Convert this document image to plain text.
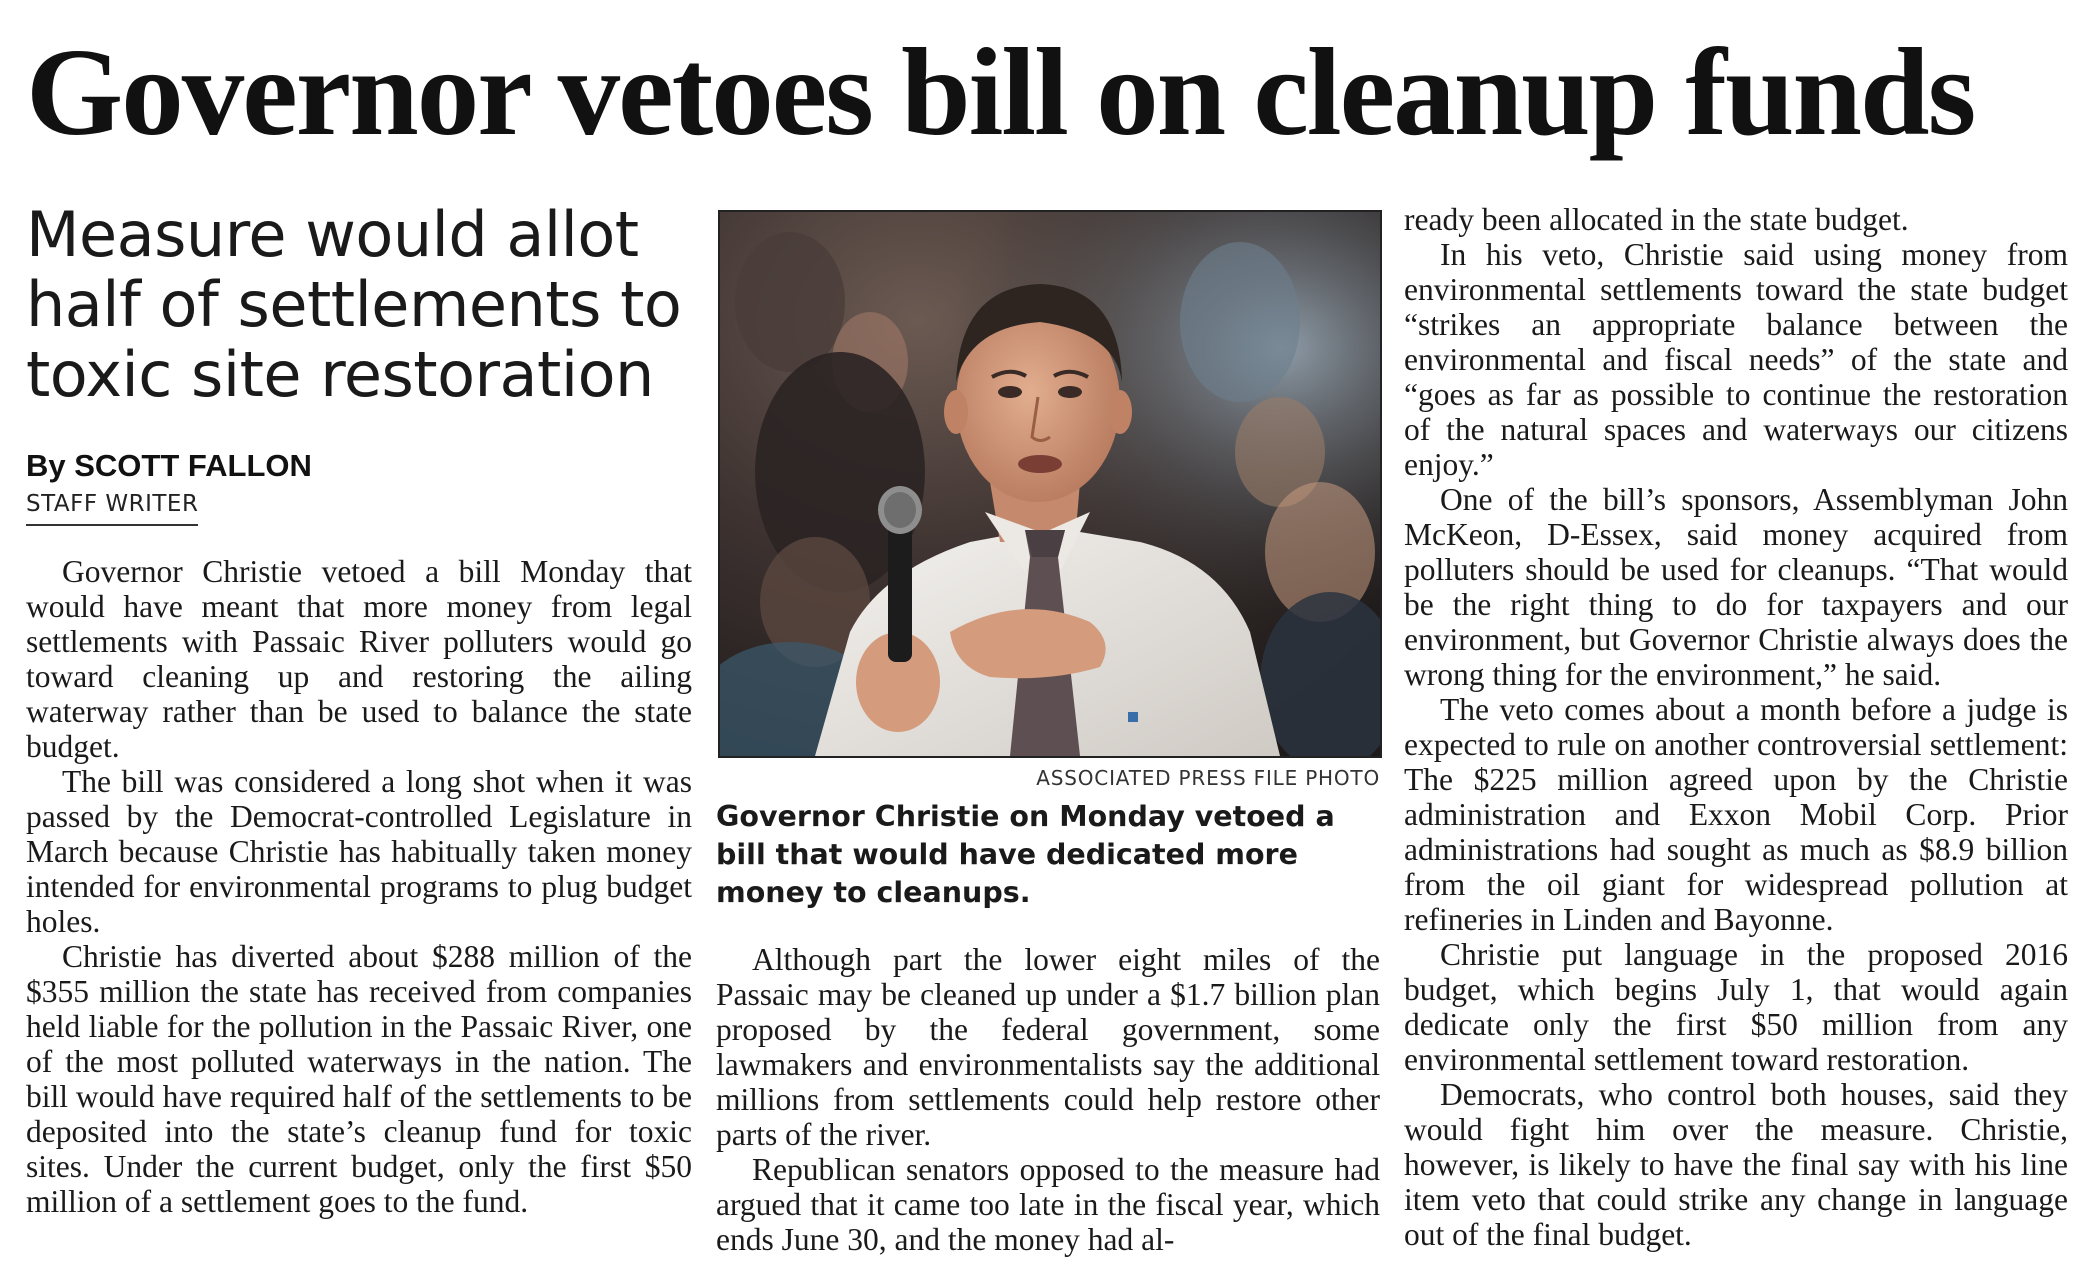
Governor vetoes bill on cleanup funds
Measure would allot half of settlements to toxic site restoration
By SCOTT FALLON
STAFF WRITER

Governor Christie vetoed a bill Monday that would have meant that more money from legal settlements with Passaic River polluters would go toward cleaning up and restoring the ailing waterway rather than be used to balance the state budget.

The bill was considered a long shot when it was passed by the Democrat-controlled Legislature in March because Christie has habitually taken money intended for environmental programs to plug budget holes.

Christie has diverted about $288 million of the $355 million the state has received from companies held liable for the pollution in the Passaic River, one of the most polluted waterways in the nation. The bill would have required half of the settlements to be deposited into the state’s cleanup fund for toxic sites. Under the current budget, only the first $50 million of a settlement goes to the fund.

ASSOCIATED PRESS FILE PHOTO

Governor Christie on Monday vetoed a bill that would have dedicated more money to cleanups.

Although part the lower eight miles of the Passaic may be cleaned up under a $1.7 billion plan proposed by the federal government, some lawmakers and environmentalists say the additional millions from settlements could help restore other parts of the river.

Republican senators opposed to the measure had argued that it came too late in the fiscal year, which ends June 30, and the money had al-

ready been allocated in the state budget.

In his veto, Christie said using money from environmental settlements toward the state budget “strikes an appropriate balance between the environmental and fiscal needs” of the state and “goes as far as possible to continue the restoration of the natural spaces and waterways our citizens enjoy.”

One of the bill’s sponsors, Assemblyman John McKeon, D-Essex, said money acquired from polluters should be used for cleanups. “That would be the right thing to do for taxpayers and our environment, but Governor Christie always does the wrong thing for the environment,” he said.

The veto comes about a month before a judge is expected to rule on another controversial settlement: The $225 million agreed upon by the Christie administration and Exxon Mobil Corp. Prior administrations had sought as much as $8.9 billion from the oil giant for widespread pollution at refineries in Linden and Bayonne.

Christie put language in the proposed 2016 budget, which begins July 1, that would again dedicate only the first $50 million from any environmental settlement toward restoration.

Democrats, who control both houses, said they would fight him over the measure. Christie, however, is likely to have the final say with his line item veto that could strike any change in language out of the final budget.
